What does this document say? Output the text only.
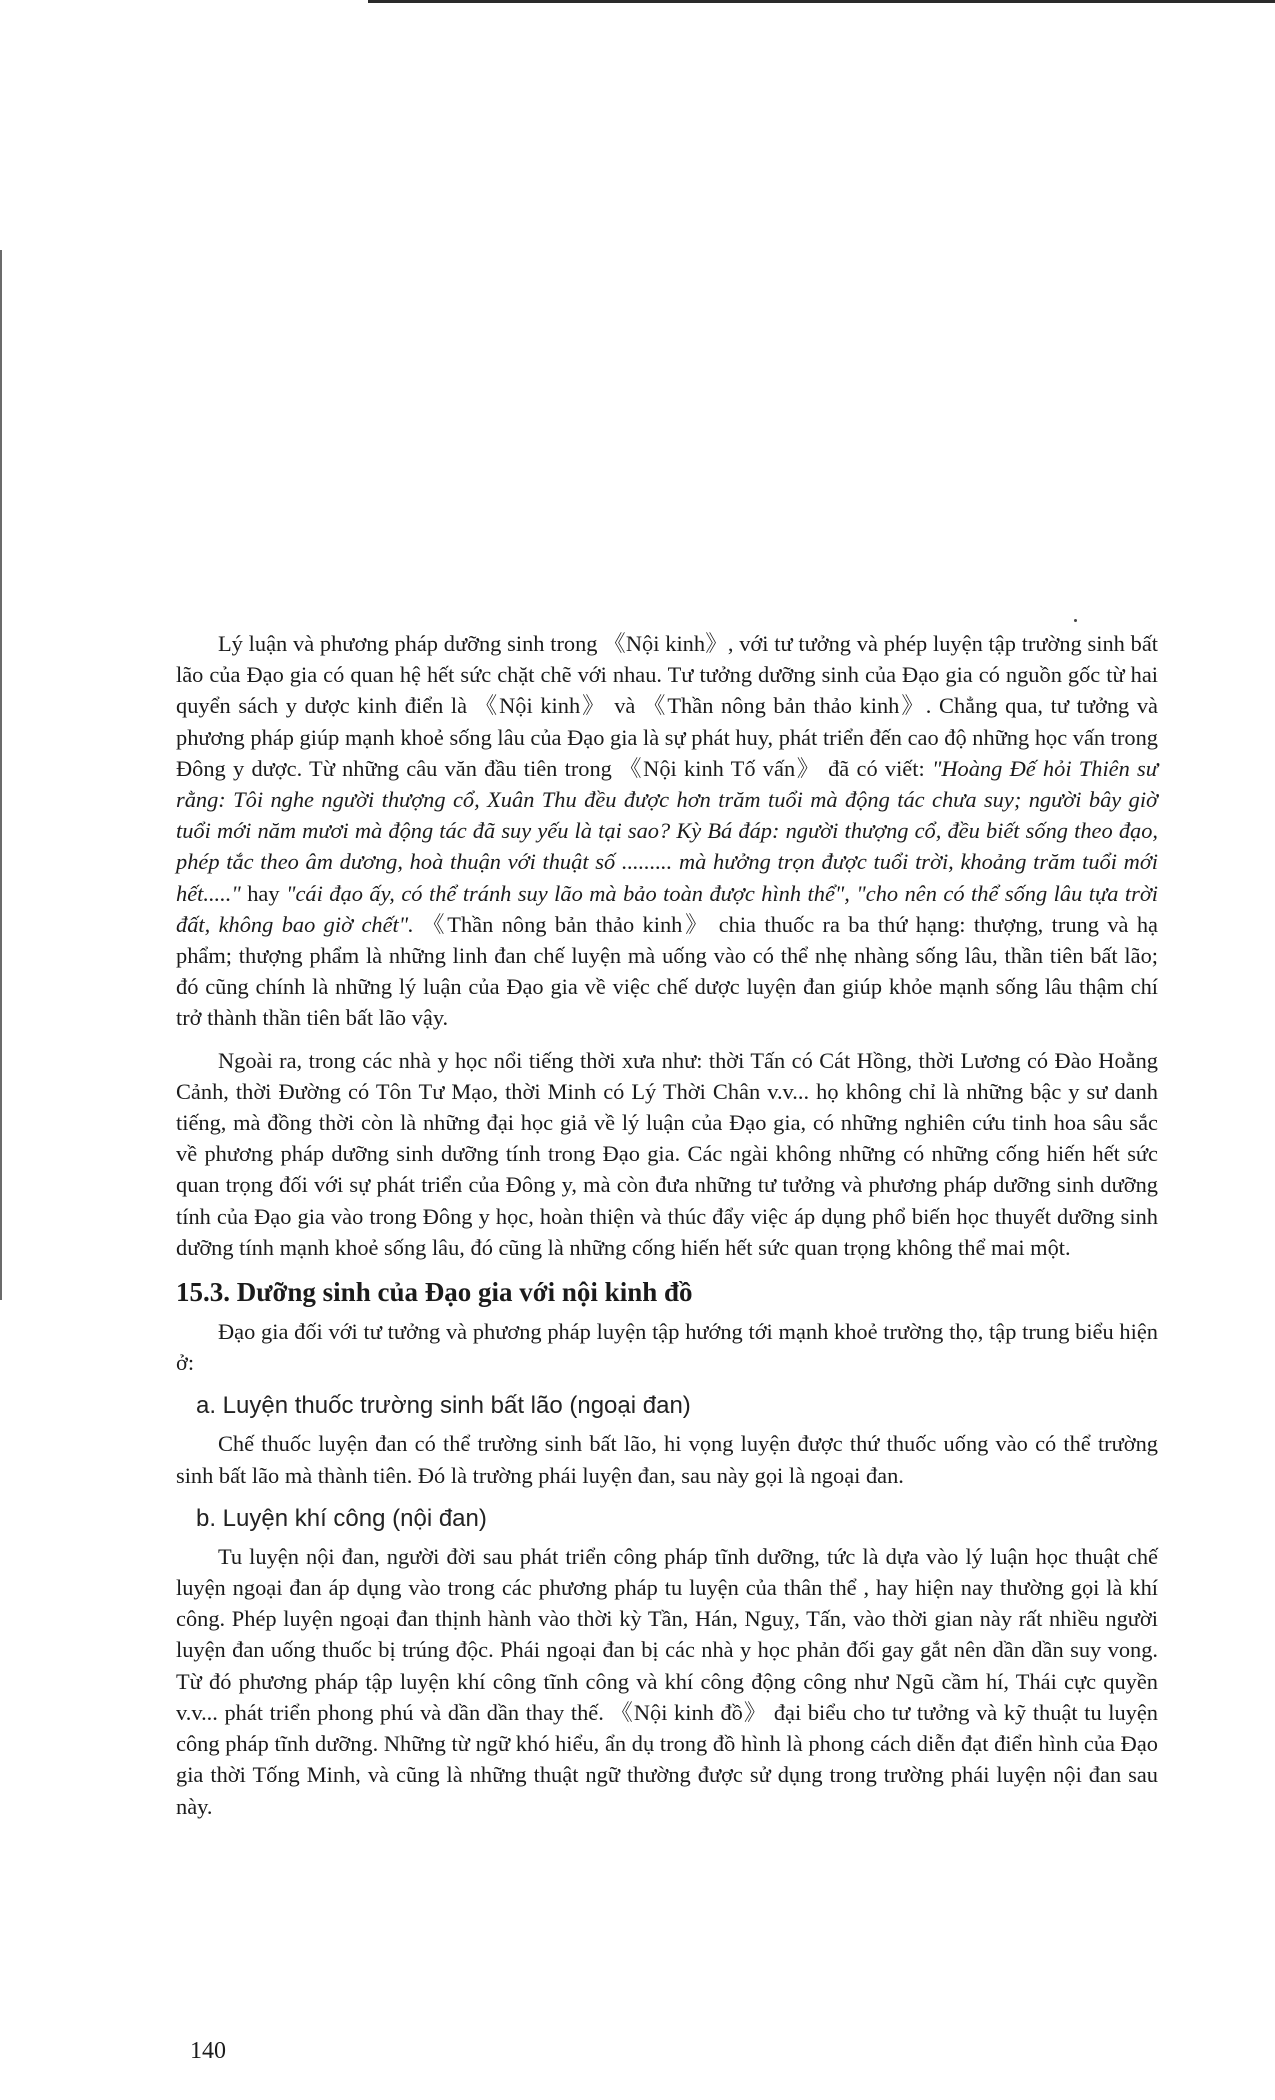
Lý luận và phương pháp dưỡng sinh trong 《Nội kinh》, với tư tưởng và phép luyện tập trường sinh bất lão của Đạo gia có quan hệ hết sức chặt chẽ với nhau. Tư tưởng dưỡng sinh của Đạo gia có nguồn gốc từ hai quyển sách y dược kinh điển là 《Nội kinh》 và 《Thần nông bản thảo kinh》. Chẳng qua, tư tưởng và phương pháp giúp mạnh khoẻ sống lâu của Đạo gia là sự phát huy, phát triển đến cao độ những học vấn trong Đông y dược. Từ những câu văn đầu tiên trong 《Nội kinh Tố vấn》 đã có viết: "Hoàng Đế hỏi Thiên sư rằng: Tôi nghe người thượng cổ, Xuân Thu đều được hơn trăm tuổi mà động tác chưa suy; người bây giờ tuổi mới năm mươi mà động tác đã suy yếu là tại sao? Kỳ Bá đáp: người thượng cổ, đều biết sống theo đạo, phép tắc theo âm dương, hoà thuận với thuật số ......... mà hưởng trọn được tuổi trời, khoảng trăm tuổi mới hết....." hay "cái đạo ấy, có thể tránh suy lão mà bảo toàn được hình thể", "cho nên có thể sống lâu tựa trời đất, không bao giờ chết". 《Thần nông bản thảo kinh》 chia thuốc ra ba thứ hạng: thượng, trung và hạ phẩm; thượng phẩm là những linh đan chế luyện mà uống vào có thể nhẹ nhàng sống lâu, thần tiên bất lão; đó cũng chính là những lý luận của Đạo gia về việc chế dược luyện đan giúp khỏe mạnh sống lâu thậm chí trở thành thần tiên bất lão vậy.

Ngoài ra, trong các nhà y học nổi tiếng thời xưa như: thời Tấn có Cát Hồng, thời Lương có Đào Hoằng Cảnh, thời Đường có Tôn Tư Mạo, thời Minh có Lý Thời Chân v.v... họ không chỉ là những bậc y sư danh tiếng, mà đồng thời còn là những đại học giả về lý luận của Đạo gia, có những nghiên cứu tinh hoa sâu sắc về phương pháp dưỡng sinh dưỡng tính trong Đạo gia. Các ngài không những có những cống hiến hết sức quan trọng đối với sự phát triển của Đông y, mà còn đưa những tư tưởng và phương pháp dưỡng sinh dưỡng tính của Đạo gia vào trong Đông y học, hoàn thiện và thúc đẩy việc áp dụng phổ biến học thuyết dưỡng sinh dưỡng tính mạnh khoẻ sống lâu, đó cũng là những cống hiến hết sức quan trọng không thể mai một.

15.3. Dưỡng sinh của Đạo gia với nội kinh đồ

Đạo gia đối với tư tưởng và phương pháp luyện tập hướng tới mạnh khoẻ trường thọ, tập trung biểu hiện ở:

a. Luyện thuốc trường sinh bất lão (ngoại đan)

Chế thuốc luyện đan có thể trường sinh bất lão, hi vọng luyện được thứ thuốc uống vào có thể trường sinh bất lão mà thành tiên. Đó là trường phái luyện đan, sau này gọi là ngoại đan.

b. Luyện khí công (nội đan)

Tu luyện nội đan, người đời sau phát triển công pháp tĩnh dưỡng, tức là dựa vào lý luận học thuật chế luyện ngoại đan áp dụng vào trong các phương pháp tu luyện của thân thể , hay hiện nay thường gọi là khí công. Phép luyện ngoại đan thịnh hành vào thời kỳ Tần, Hán, Nguỵ, Tấn, vào thời gian này rất nhiều người luyện đan uống thuốc bị trúng độc. Phái ngoại đan bị các nhà y học phản đối gay gắt nên dần dần suy vong. Từ đó phương pháp tập luyện khí công tĩnh công và khí công động công như Ngũ cầm hí, Thái cực quyền v.v... phát triển phong phú và dần dần thay thế. 《Nội kinh đồ》 đại biểu cho tư tưởng và kỹ thuật tu luyện công pháp tĩnh dưỡng. Những từ ngữ khó hiểu, ẩn dụ trong đồ hình là phong cách diễn đạt điển hình của Đạo gia thời Tống Minh, và cũng là những thuật ngữ thường được sử dụng trong trường phái luyện nội đan sau này.

140
